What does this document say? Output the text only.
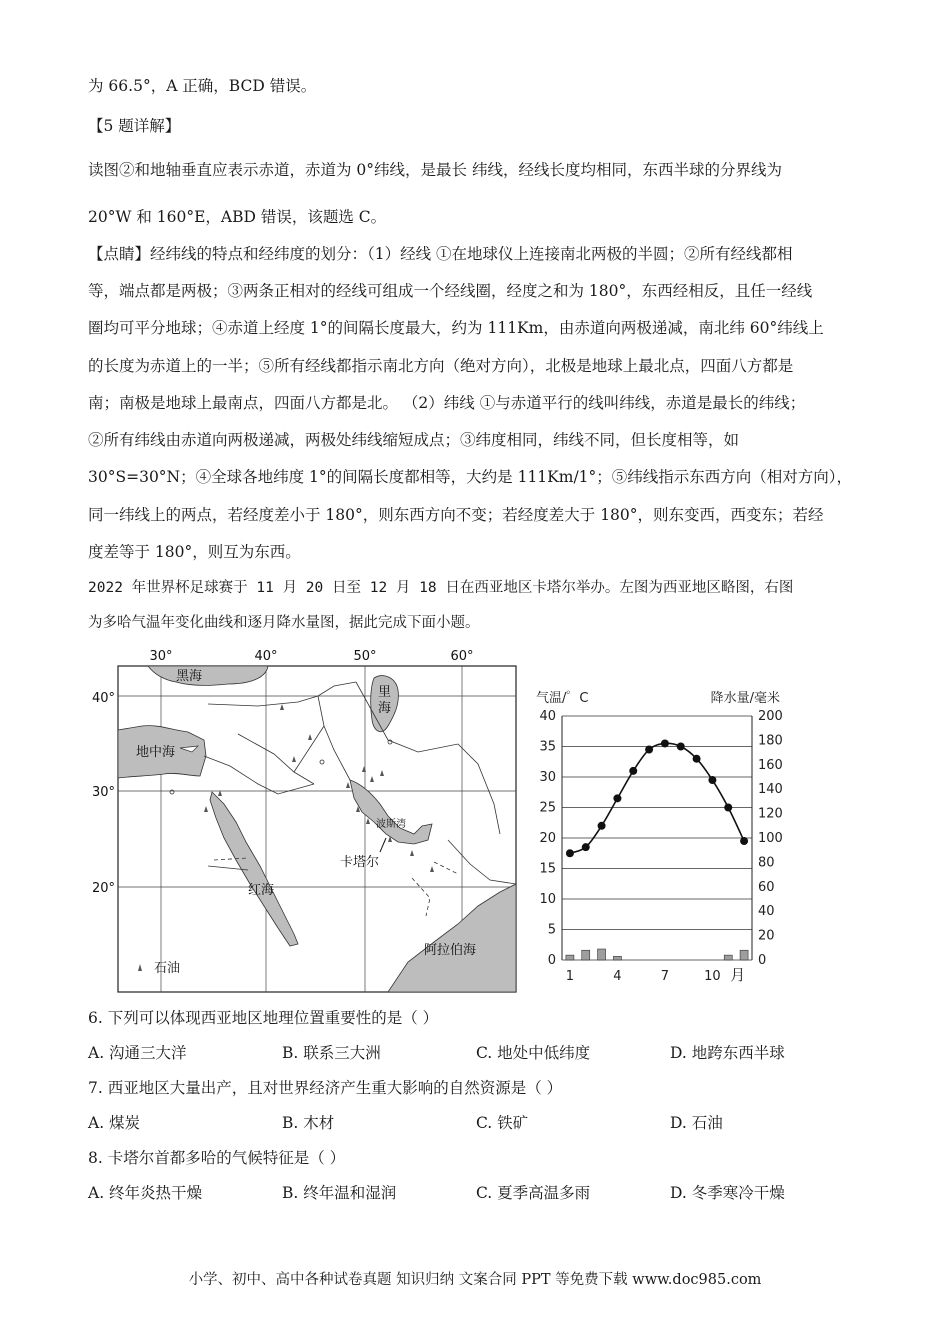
为 66.5°，A 正确，BCD 错误。
【5 题详解】
读图②和地轴垂直应表示赤道，赤道为 0°纬线，是最长 纬线，经线长度均相同，东西半球的分界线为
20°W 和 160°E，ABD 错误，该题选 C。
【点睛】经纬线的特点和经纬度的划分：（1）经线 ①在地球仪上连接南北两极的半圆；②所有经线都相
等，端点都是两极；③两条正相对的经线可组成一个经线圈，经度之和为 180°，东西经相反，且任一经线
圈均可平分地球；④赤道上经度 1°的间隔长度最大，约为 111Km，由赤道向两极递减，南北纬 60°纬线上
的长度为赤道上的一半；⑤所有经线都指示南北方向（绝对方向），北极是地球上最北点，四面八方都是
南；南极是地球上最南点，四面八方都是北。 （2）纬线 ①与赤道平行的线叫纬线，赤道是最长的纬线；
②所有纬线由赤道向两极递减，两极处纬线缩短成点；③纬度相同，纬线不同，但长度相等，如
30°S=30°N；④全球各地纬度 1°的间隔长度都相等，大约是 111Km/1°；⑤纬线指示东西方向（相对方向），
同一纬线上的两点，若经度差小于 180°，则东西方向不变；若经度差大于 180°，则东变西，西变东；若经
度差等于 180°，则互为东西。
2022 年世界杯足球赛于 11 月 20 日至 12 月 18 日在西亚地区卡塔尔举办。左图为西亚地区略图，右图
为多哈气温年变化曲线和逐月降水量图，据此完成下面小题。
30°	40°	50°	60°
40°
30°
20°
黑海
里
海
地中海
波斯湾
卡塔尔
红海
阿拉伯海
石油
气温/゜C	降水量/毫米
40
35
30
25
20
15
10
5
0
200
180
160
140
120
100
80
60
40
20
0
1	4	7	10 月
6. 下列可以体现西亚地区地理位置重要性的是（ ）
A. 沟通三大洋	B. 联系三大洲	C. 地处中低纬度	D. 地跨东西半球
7. 西亚地区大量出产，且对世界经济产生重大影响的自然资源是（ ）
A. 煤炭	B. 木材	C. 铁矿	D. 石油
8. 卡塔尔首都多哈的气候特征是（ ）
A. 终年炎热干燥	B. 终年温和湿润	C. 夏季高温多雨	D. 冬季寒冷干燥
小学、初中、高中各种试卷真题 知识归纳 文案合同 PPT 等免费下载 www.doc985.com
